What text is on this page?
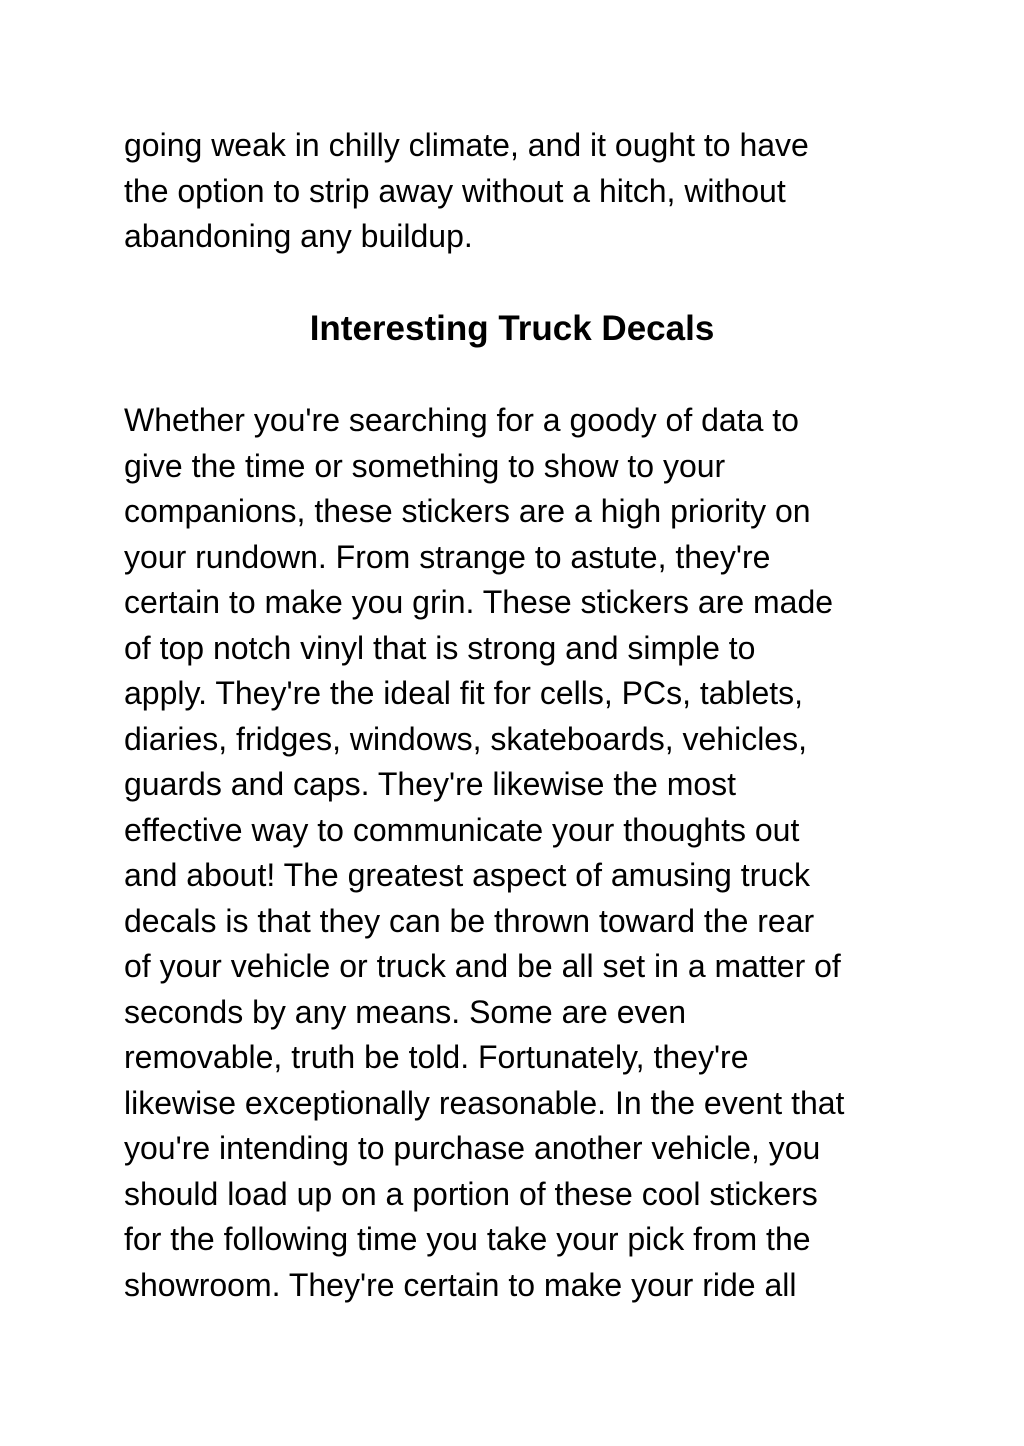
going weak in chilly climate, and it ought to have
the option to strip away without a hitch, without
abandoning any buildup.

Interesting Truck Decals

Whether you're searching for a goody of data to
give the time or something to show to your
companions, these stickers are a high priority on
your rundown. From strange to astute, they're
certain to make you grin. These stickers are made
of top notch vinyl that is strong and simple to
apply. They're the ideal fit for cells, PCs, tablets,
diaries, fridges, windows, skateboards, vehicles,
guards and caps. They're likewise the most
effective way to communicate your thoughts out
and about! The greatest aspect of amusing truck
decals is that they can be thrown toward the rear
of your vehicle or truck and be all set in a matter of
seconds by any means. Some are even
removable, truth be told. Fortunately, they're
likewise exceptionally reasonable. In the event that
you're intending to purchase another vehicle, you
should load up on a portion of these cool stickers
for the following time you take your pick from the
showroom. They're certain to make your ride all
